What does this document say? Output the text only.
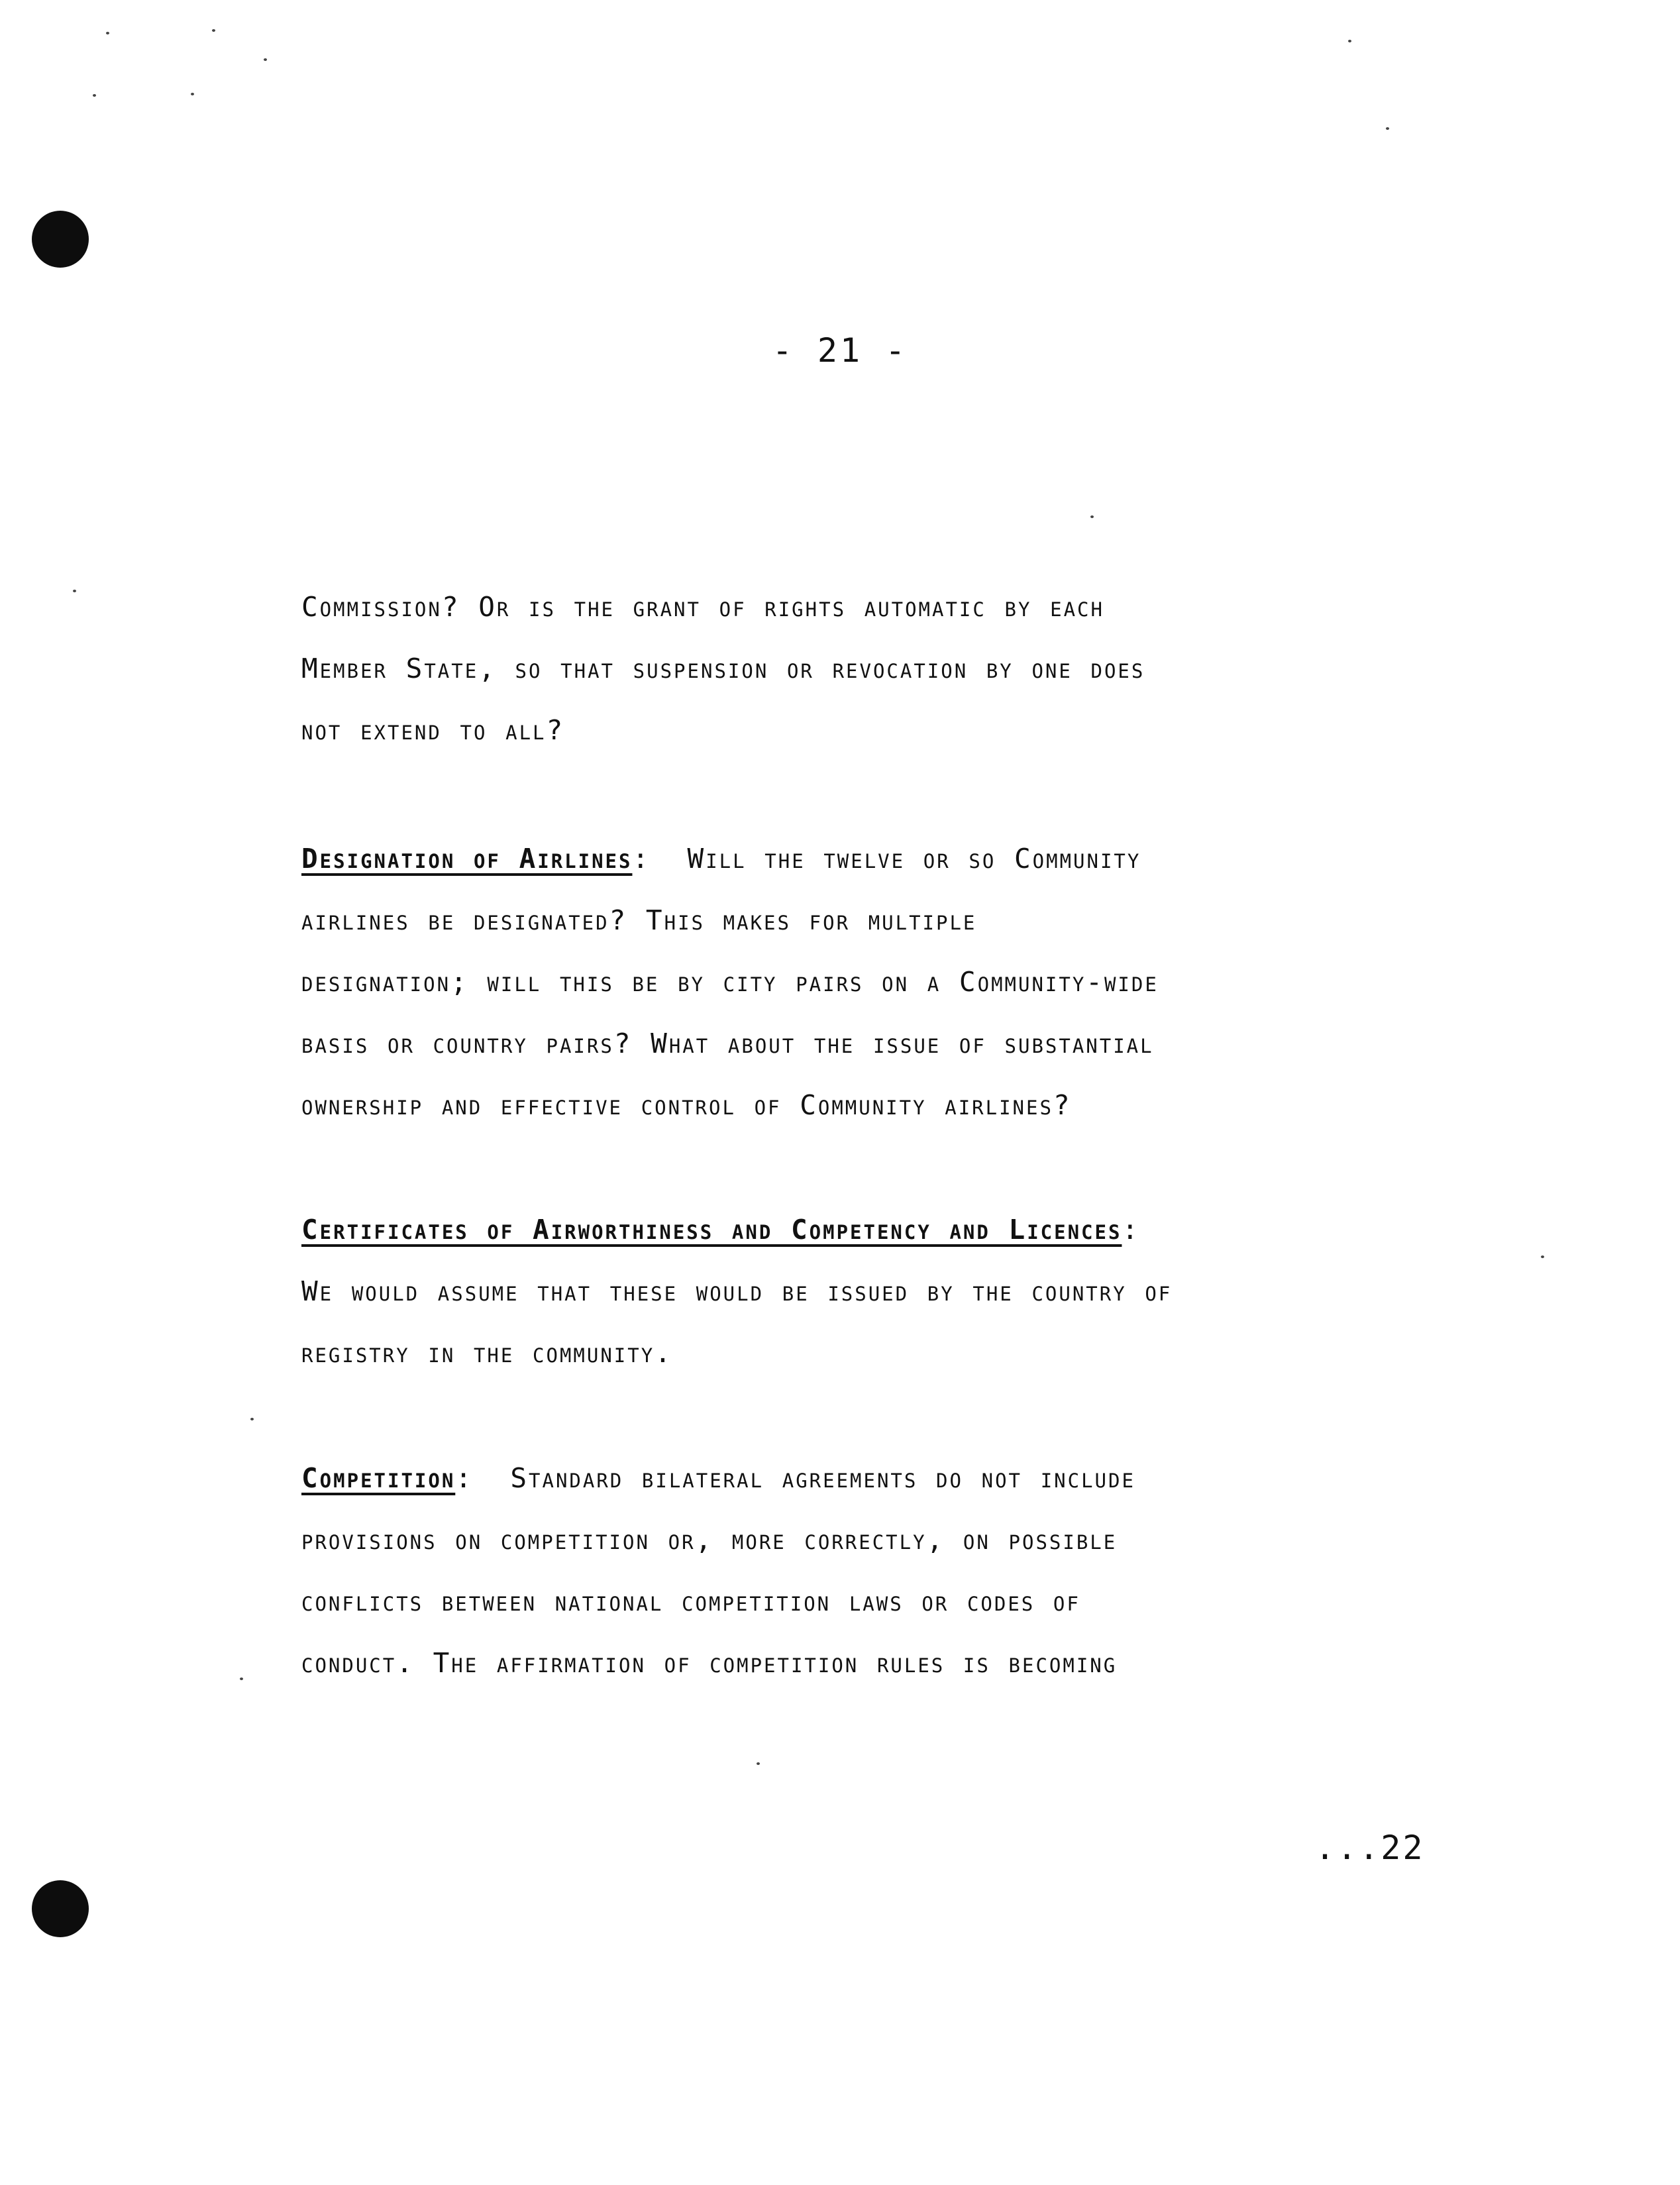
- 21 -
Commission? Or is the grant of rights automatic by each
Member State, so that suspension or revocation by one does
not extend to all?
Designation of Airlines: Will the twelve or so Community
airlines be designated? This makes for multiple
designation; will this be by city pairs on a Community-wide
basis or country pairs? What about the issue of substantial
ownership and effective control of Community airlines?
Certificates of Airworthiness and Competency and Licences:
We would assume that these would be issued by the country of
registry in the community.
Competition: Standard bilateral agreements do not include
provisions on competition or, more correctly, on possible
conflicts between national competition laws or codes of
conduct. The affirmation of competition rules is becoming
...22
